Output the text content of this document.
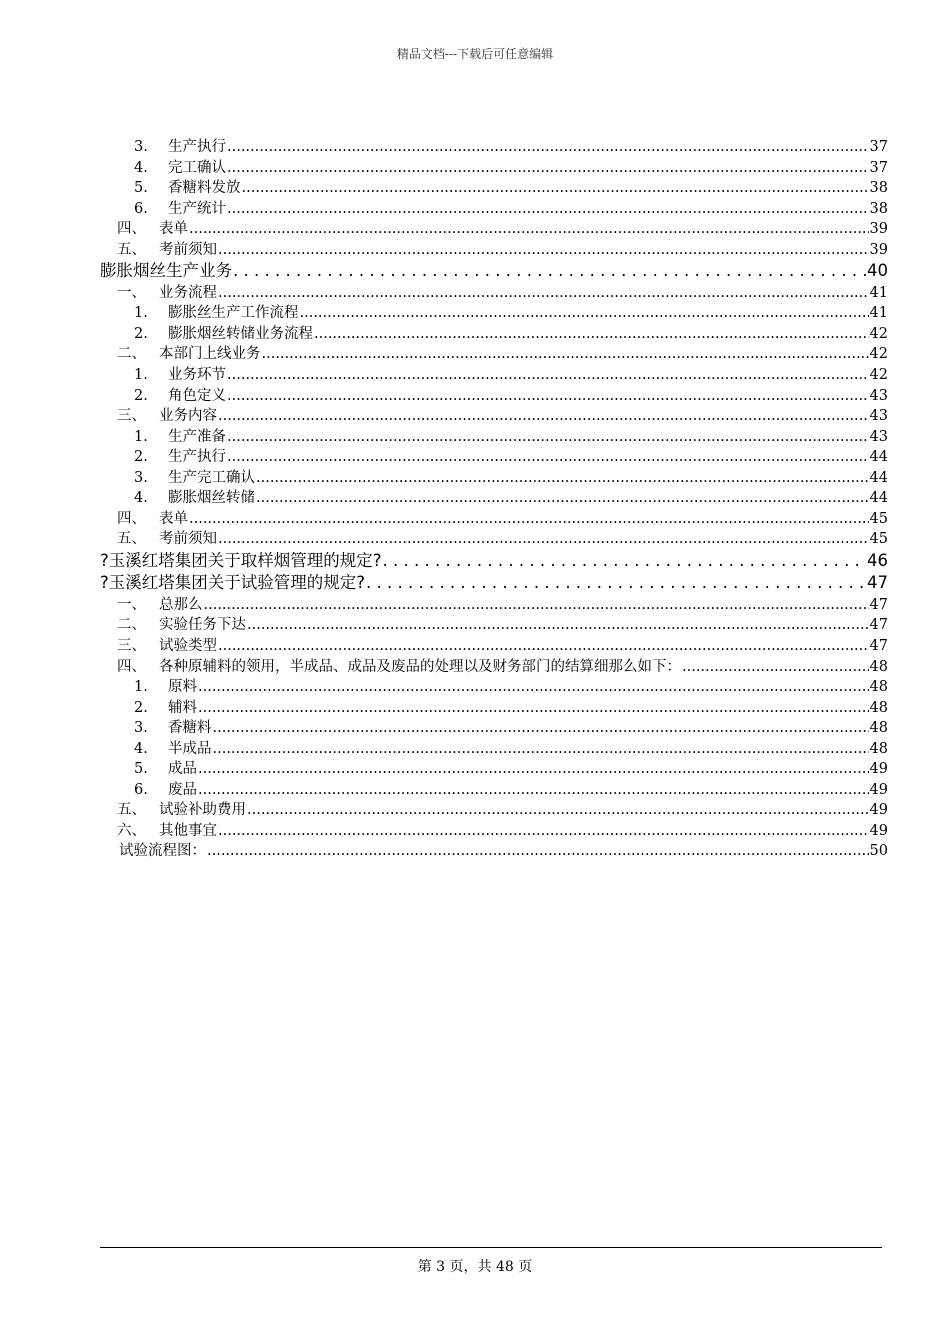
精品文档---下载后可任意编辑
3.	生产执行 .....	37
4.	完工确认 .....	37
5.	香糖料发放 .....	38
6.	生产统计 .....	38
四、 表单 .....	39
五、 考前须知 .....	39
膨胀烟丝生产业务 . . .	40
一、 业务流程 .....	41
1.	膨胀丝生产工作流程 .....	41
2.	膨胀烟丝转储业务流程 .....	42
二、 本部门上线业务 .....	42
1.	业务环节 .....	42
2.	角色定义 .....	43
三、 业务内容 .....	43
1.	生产准备 .....	43
2.	生产执行 .....	44
3.	生产完工确认 .....	44
4.	膨胀烟丝转储 .....	44
四、 表单 .....	45
五、 考前须知 .....	45
?玉溪红塔集团关于取样烟管理的规定? . . .	46
?玉溪红塔集团关于试验管理的规定? . . .	47
一、 总那么 .....	47
二、 实验任务下达 .....	47
三、 试验类型 .....	47
四、 各种原辅料的领用，半成品、成品及废品的处理以及财务部门的结算细那么如下： .....	48
1.	原料 .....	48
2.	辅料 .....	48
3.	香糖料 .....	48
4.	半成品 .....	48
5.	成品 .....	49
6.	废品 .....	49
五、 试验补助费用 .....	49
六、 其他事宜 .....	49
试验流程图： .....	50
第 3 页，共 48 页
